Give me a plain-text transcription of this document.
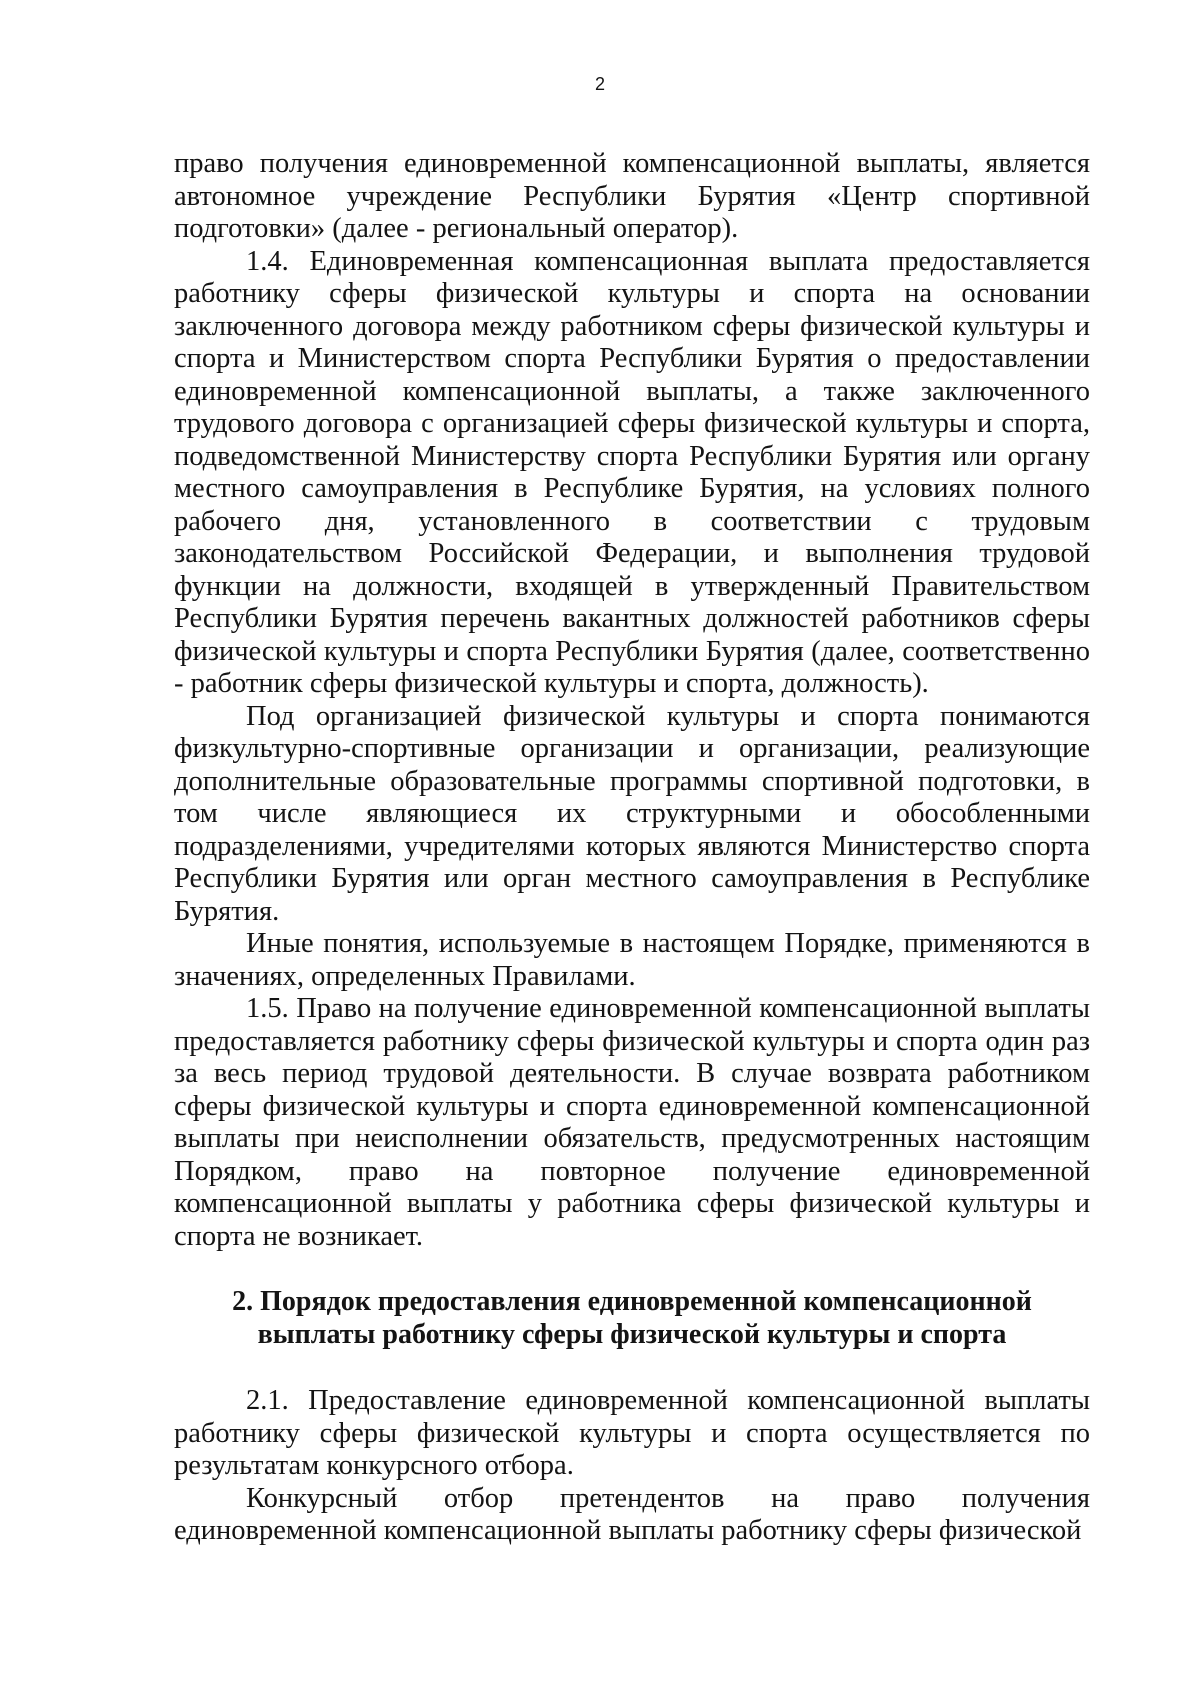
2

право получения единовременной компенсационной выплаты, является автономное учреждение Республики Бурятия «Центр спортивной подготовки» (далее - региональный оператор).

1.4. Единовременная компенсационная выплата предоставляется работнику сферы физической культуры и спорта на основании заключенного договора между работником сферы физической культуры и спорта и Министерством спорта Республики Бурятия о предоставлении единовременной компенсационной выплаты, а также заключенного трудового договора с организацией сферы физической культуры и спорта, подведомственной Министерству спорта Республики Бурятия или органу местного самоуправления в Республике Бурятия, на условиях полного рабочего дня, установленного в соответствии с трудовым законодательством Российской Федерации, и выполнения трудовой функции на должности, входящей в утвержденный Правительством Республики Бурятия перечень вакантных должностей работников сферы физической культуры и спорта Республики Бурятия (далее, соответственно - работник сферы физической культуры и спорта, должность).

Под организацией физической культуры и спорта понимаются физкультурно-спортивные организации и организации, реализующие дополнительные образовательные программы спортивной подготовки, в том числе являющиеся их структурными и обособленными подразделениями, учредителями которых являются Министерство спорта Республики Бурятия или орган местного самоуправления в Республике Бурятия.

Иные понятия, используемые в настоящем Порядке, применяются в значениях, определенных Правилами.

1.5. Право на получение единовременной компенсационной выплаты предоставляется работнику сферы физической культуры и спорта один раз за весь период трудовой деятельности. В случае возврата работником сферы физической культуры и спорта единовременной компенсационной выплаты при неисполнении обязательств, предусмотренных настоящим Порядком, право на повторное получение единовременной компенсационной выплаты у работника сферы физической культуры и спорта не возникает.

2. Порядок предоставления единовременной компенсационной
выплаты работнику сферы физической культуры и спорта

2.1. Предоставление единовременной компенсационной выплаты работнику сферы физической культуры и спорта осуществляется по результатам конкурсного отбора.

Конкурсный отбор претендентов на право получения единовременной компенсационной выплаты работнику сферы физической
